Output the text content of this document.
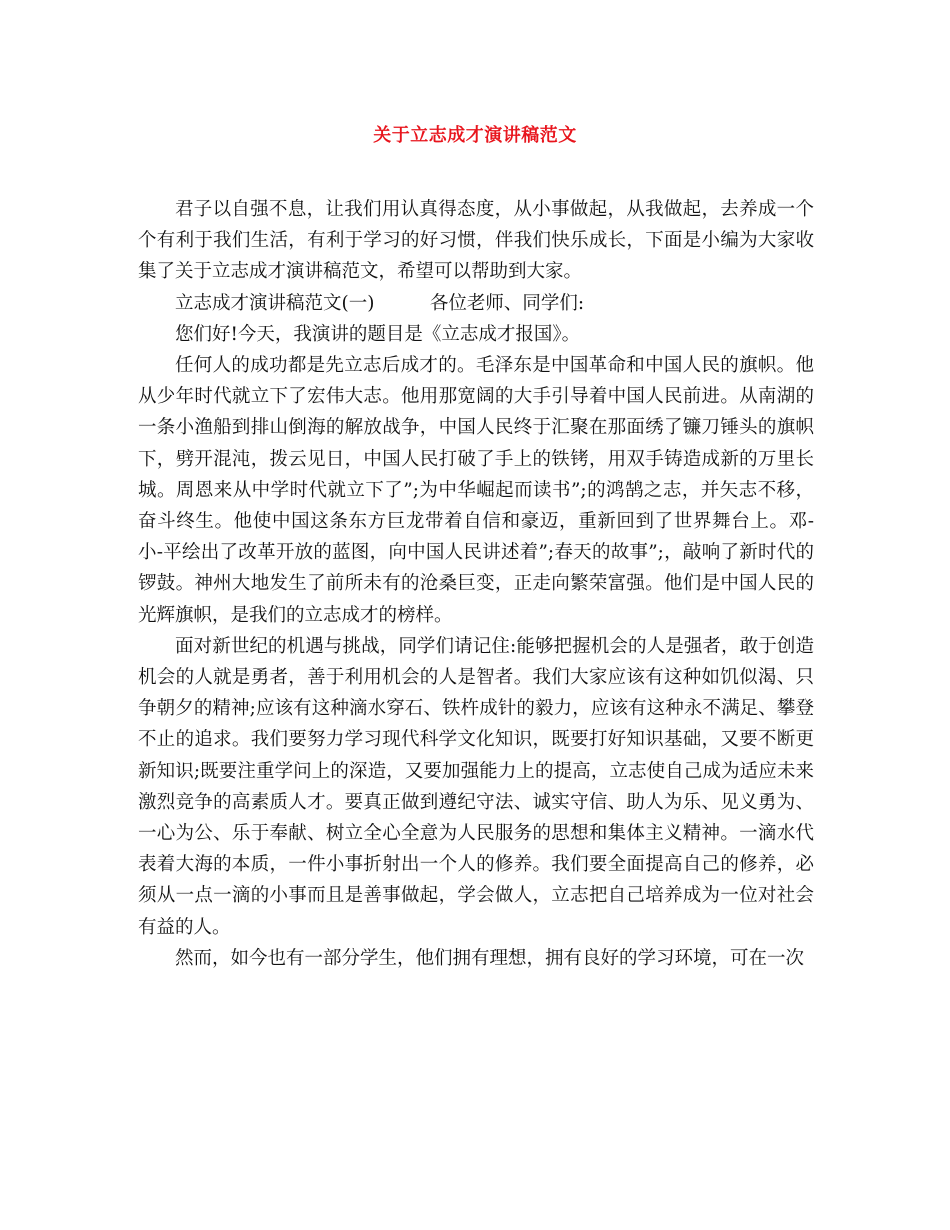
关于立志成才演讲稿范文

君子以自强不息，让我们用认真得态度，从小事做起，从我做起，去养成一个个有利于我们生活，有利于学习的好习惯，伴我们快乐成长，下面是小编为大家收集了关于立志成才演讲稿范文，希望可以帮助到大家。

立志成才演讲稿范文(一)　　　各位老师、同学们:

您们好!今天，我演讲的题目是《立志成才报国》。

任何人的成功都是先立志后成才的。毛泽东是中国革命和中国人民的旗帜。他从少年时代就立下了宏伟大志。他用那宽阔的大手引导着中国人民前进。从南湖的一条小渔船到排山倒海的解放战争，中国人民终于汇聚在那面绣了镰刀锤头的旗帜下，劈开混沌，拨云见日，中国人民打破了手上的铁铐，用双手铸造成新的万里长城。周恩来从中学时代就立下了”;为中华崛起而读书”;的鸿鹄之志，并矢志不移，奋斗终生。他使中国这条东方巨龙带着自信和豪迈，重新回到了世界舞台上。邓-小-平绘出了改革开放的蓝图，向中国人民讲述着”;春天的故事”;，敲响了新时代的锣鼓。神州大地发生了前所未有的沧桑巨变，正走向繁荣富强。他们是中国人民的光辉旗帜，是我们的立志成才的榜样。

面对新世纪的机遇与挑战，同学们请记住:能够把握机会的人是强者，敢于创造机会的人就是勇者，善于利用机会的人是智者。我们大家应该有这种如饥似渴、只争朝夕的精神;应该有这种滴水穿石、铁杵成针的毅力，应该有这种永不满足、攀登不止的追求。我们要努力学习现代科学文化知识，既要打好知识基础，又要不断更新知识;既要注重学问上的深造，又要加强能力上的提高，立志使自己成为适应未来激烈竞争的高素质人才。要真正做到遵纪守法、诚实守信、助人为乐、见义勇为、一心为公、乐于奉献、树立全心全意为人民服务的思想和集体主义精神。一滴水代表着大海的本质，一件小事折射出一个人的修养。我们要全面提高自己的修养，必须从一点一滴的小事而且是善事做起，学会做人，立志把自己培养成为一位对社会有益的人。

然而，如今也有一部分学生，他们拥有理想，拥有良好的学习环境，可在一次
